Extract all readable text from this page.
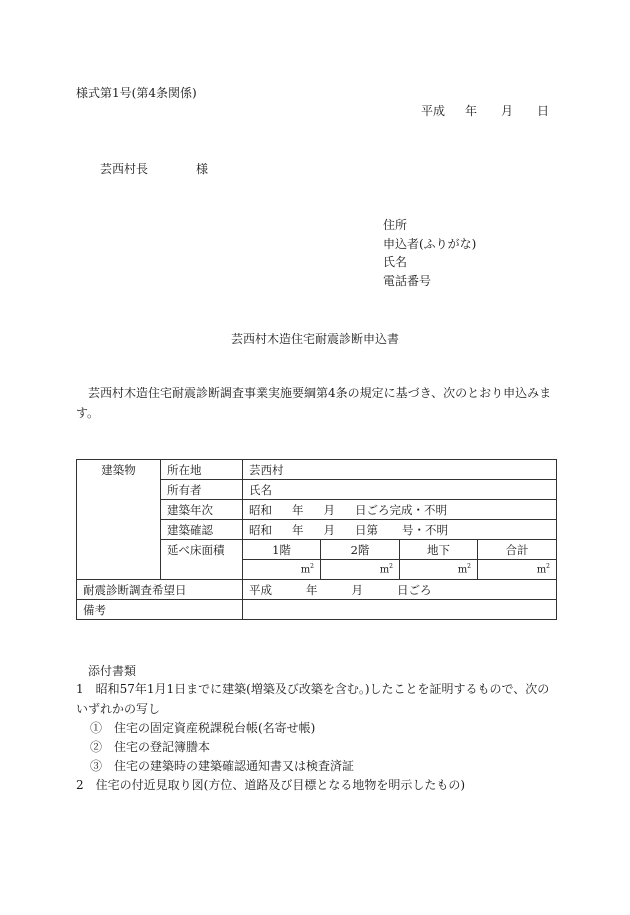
様式第1号(第4条関係)
平成 年 月 日
芸西村長	様
住所
申込者(ふりがな)
氏名
電話番号
芸西村木造住宅耐震診断申込書
芸西村木造住宅耐震診断調査事業実施要綱第4条の規定に基づき、次のとおり申込みます。
建築物	所在地	芸西村			
	所有者	氏名			
	建築年次	昭和 年 月 日ごろ完成・不明			
	建築確認	昭和 年 月 日第 号・不明			
	延べ床面積	1階	2階	地下	合計
		$m^2$	$m^2$	$m^2$	$m^2$
耐震診断調査希望日		平成 年 月 日ごろ			
備考					
添付書類
1　昭和57年1月1日までに建築(増築及び改築を含む。)したことを証明するもので、次のいずれかの写し
①　住宅の固定資産税課税台帳(名寄せ帳)
②　住宅の登記簿謄本
③　住宅の建築時の建築確認通知書又は検査済証
2　住宅の付近見取り図(方位、道路及び目標となる地物を明示したもの)
